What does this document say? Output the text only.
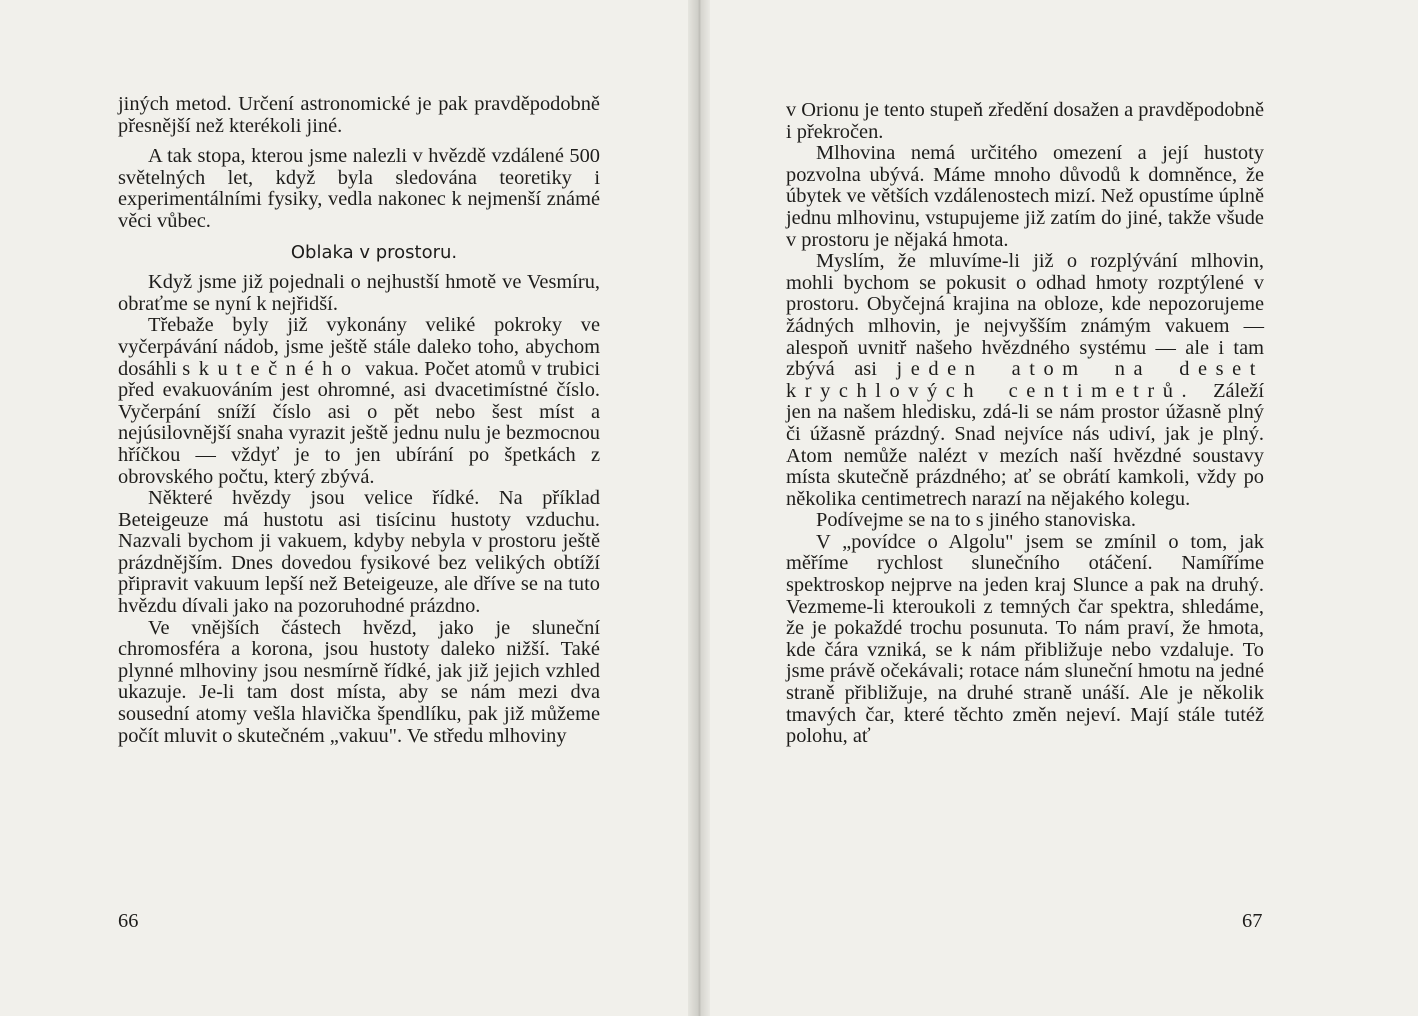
jiných metod. Určení astronomické je pak pravděpodobně přesnější než kterékoli jiné.

A tak stopa, kterou jsme nalezli v hvězdě vzdálené 500 světelných let, když byla sledována teoretiky i experimentálními fysiky, vedla nakonec k nejmenší známé věci vůbec.

Oblaka v prostoru.

Když jsme již pojednali o nejhustší hmotě ve Vesmíru, obraťme se nyní k nejřidší.

Třebaže byly již vykonány veliké pokroky ve vyčerpávání nádob, jsme ještě stále daleko toho, abychom dosáhli skutečného vakua. Počet atomů v trubici před evakuováním jest ohromné, asi dvacetimístné číslo. Vyčerpání sníží číslo asi o pět nebo šest míst a nejúsilovnější snaha vyrazit ještě jednu nulu je bezmocnou hříčkou — vždyť je to jen ubírání po špetkách z obrovského počtu, který zbývá.

Některé hvězdy jsou velice řídké. Na příklad Beteigeuze má hustotu asi tisícinu hustoty vzduchu. Nazvali bychom ji vakuem, kdyby nebyla v prostoru ještě prázdnějším. Dnes dovedou fysikové bez velikých obtíží připravit vakuum lepší než Beteigeuze, ale dříve se na tuto hvězdu dívali jako na pozoruhodné prázdno.

Ve vnějších částech hvězd, jako je sluneční chromosféra a korona, jsou hustoty daleko nižší. Také plynné mlhoviny jsou nesmírně řídké, jak již jejich vzhled ukazuje. Je-li tam dost místa, aby se nám mezi dva sousední atomy vešla hlavička špendlíku, pak již můžeme počít mluvit o skutečném „vakuu". Ve středu mlhoviny

66

v Orionu je tento stupeň zředění dosažen a pravděpodobně i překročen.

Mlhovina nemá určitého omezení a její hustoty pozvolna ubývá. Máme mnoho důvodů k domněnce, že úbytek ve větších vzdálenostech mizí. Než opustíme úplně jednu mlhovinu, vstupujeme již zatím do jiné, takže všude v prostoru je nějaká hmota.

Myslím, že mluvíme-li již o rozplývání mlhovin, mohli bychom se pokusit o odhad hmoty rozptýlené v prostoru. Obyčejná krajina na obloze, kde nepozorujeme žádných mlhovin, je nejvyšším známým vakuem — alespoň uvnitř našeho hvězdného systému — ale i tam zbývá asi jeden atom na deset krychlových centimetrů. Záleží jen na našem hledisku, zdá-li se nám prostor úžasně plný či úžasně prázdný. Snad nejvíce nás udiví, jak je plný. Atom nemůže nalézt v mezích naší hvězdné soustavy místa skutečně prázdného; ať se obrátí kamkoli, vždy po několika centimetrech narazí na nějakého kolegu.

Podívejme se na to s jiného stanoviska.

V „povídce o Algolu" jsem se zmínil o tom, jak měříme rychlost slunečního otáčení. Namíříme spektroskop nejprve na jeden kraj Slunce a pak na druhý. Vezmeme-li kteroukoli z temných čar spektra, shledáme, že je pokaždé trochu posunuta. To nám praví, že hmota, kde čára vzniká, se k nám přibližuje nebo vzdaluje. To jsme právě očekávali; rotace nám sluneční hmotu na jedné straně přibližuje, na druhé straně unáší. Ale je několik tmavých čar, které těchto změn nejeví. Mají stále tutéž polohu, ať

67
